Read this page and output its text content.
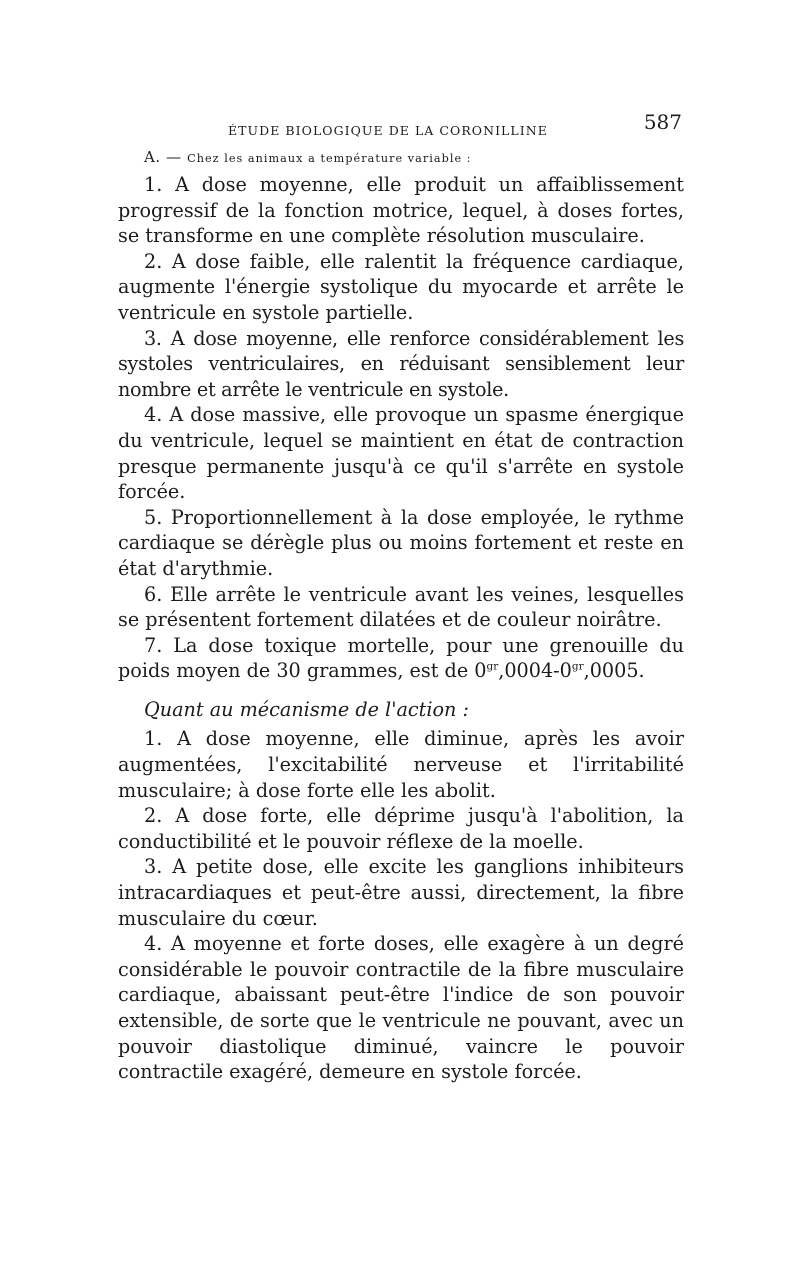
ÉTUDE BIOLOGIQUE DE LA CORONILLINE	587
A. — Chez les animaux a température variable :

1. A dose moyenne, elle produit un affaiblissement progressif de la fonction motrice, lequel, à doses fortes, se transforme en une complète résolution musculaire.

2. A dose faible, elle ralentit la fréquence cardiaque, augmente l'énergie systolique du myocarde et arrête le ventricule en systole partielle.

3. A dose moyenne, elle renforce considérablement les systoles ventriculaires, en réduisant sensiblement leur nombre et arrête le ventricule en systole.

4. A dose massive, elle provoque un spasme énergique du ventricule, lequel se maintient en état de contraction presque permanente jusqu'à ce qu'il s'arrête en systole forcée.

5. Proportionnellement à la dose employée, le rythme cardiaque se dérègle plus ou moins fortement et reste en état d'arythmie.

6. Elle arrête le ventricule avant les veines, lesquelles se présentent fortement dilatées et de couleur noirâtre.

7. La dose toxique mortelle, pour une grenouille du poids moyen de 30 grammes, est de $0^{gr},0004-0^{gr},0005$.

Quant au mécanisme de l'action :

1. A dose moyenne, elle diminue, après les avoir augmentées, l'excitabilité nerveuse et l'irritabilité musculaire; à dose forte elle les abolit.

2. A dose forte, elle déprime jusqu'à l'abolition, la conductibilité et le pouvoir réflexe de la moelle.

3. A petite dose, elle excite les ganglions inhibiteurs intracardiaques et peut-être aussi, directement, la fibre musculaire du cœur.

4. A moyenne et forte doses, elle exagère à un degré considérable le pouvoir contractile de la fibre musculaire cardiaque, abaissant peut-être l'indice de son pouvoir extensible, de sorte que le ventricule ne pouvant, avec un pouvoir diastolique diminué, vaincre le pouvoir contractile exagéré, demeure en systole forcée.
